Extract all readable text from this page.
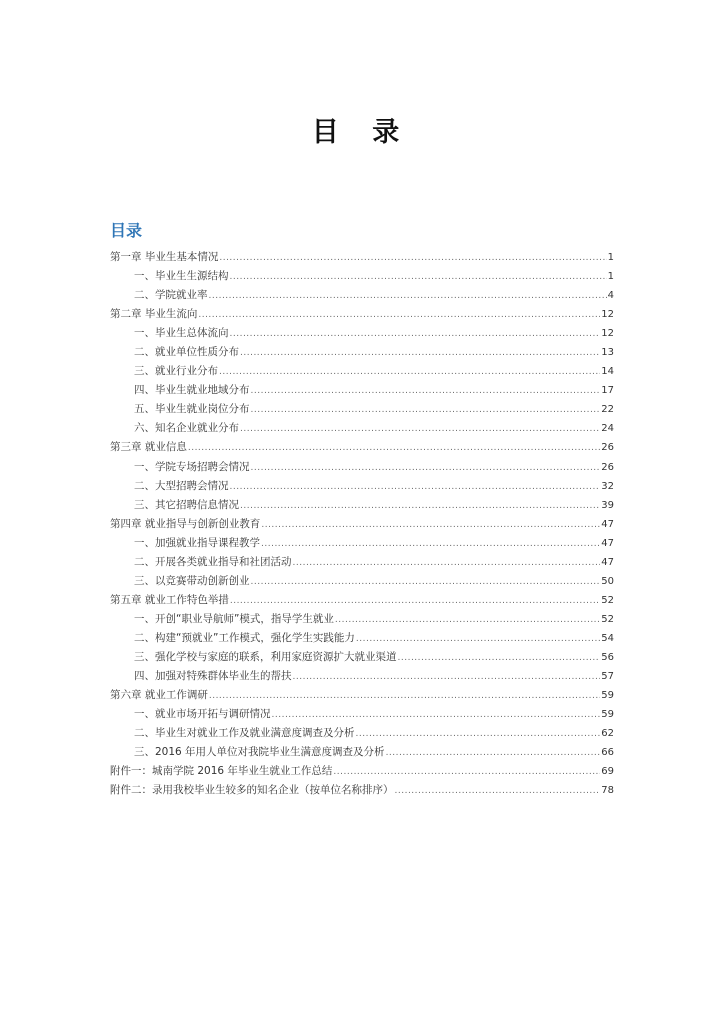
目 录
目录
第一章 毕业生基本情况 .....	1
一、毕业生生源结构 .....	1
二、学院就业率 .....	4
第二章 毕业生流向 .....	12
一、毕业生总体流向 .....	12
二、就业单位性质分布 .....	13
三、就业行业分布 .....	14
四、毕业生就业地域分布 .....	17
五、毕业生就业岗位分布 .....	22
六、知名企业就业分布 .....	24
第三章 就业信息 .....	26
一、学院专场招聘会情况 .....	26
二、大型招聘会情况 .....	32
三、其它招聘信息情况 .....	39
第四章 就业指导与创新创业教育 .....	47
一、加强就业指导课程教学 .....	47
二、开展各类就业指导和社团活动 .....	47
三、以竞赛带动创新创业 .....	50
第五章 就业工作特色举措 .....	52
一、开创“职业导航师”模式，指导学生就业 .....	52
二、构建“预就业”工作模式，强化学生实践能力 .....	54
三、强化学校与家庭的联系，利用家庭资源扩大就业渠道 .....	56
四、加强对特殊群体毕业生的帮扶 .....	57
第六章 就业工作调研 .....	59
一、就业市场开拓与调研情况 .....	59
二、毕业生对就业工作及就业满意度调查及分析 .....	62
三、2016 年用人单位对我院毕业生满意度调查及分析 .....	66
附件一：城南学院 2016 年毕业生就业工作总结 .....	69
附件二：录用我校毕业生较多的知名企业（按单位名称排序） .....	78
